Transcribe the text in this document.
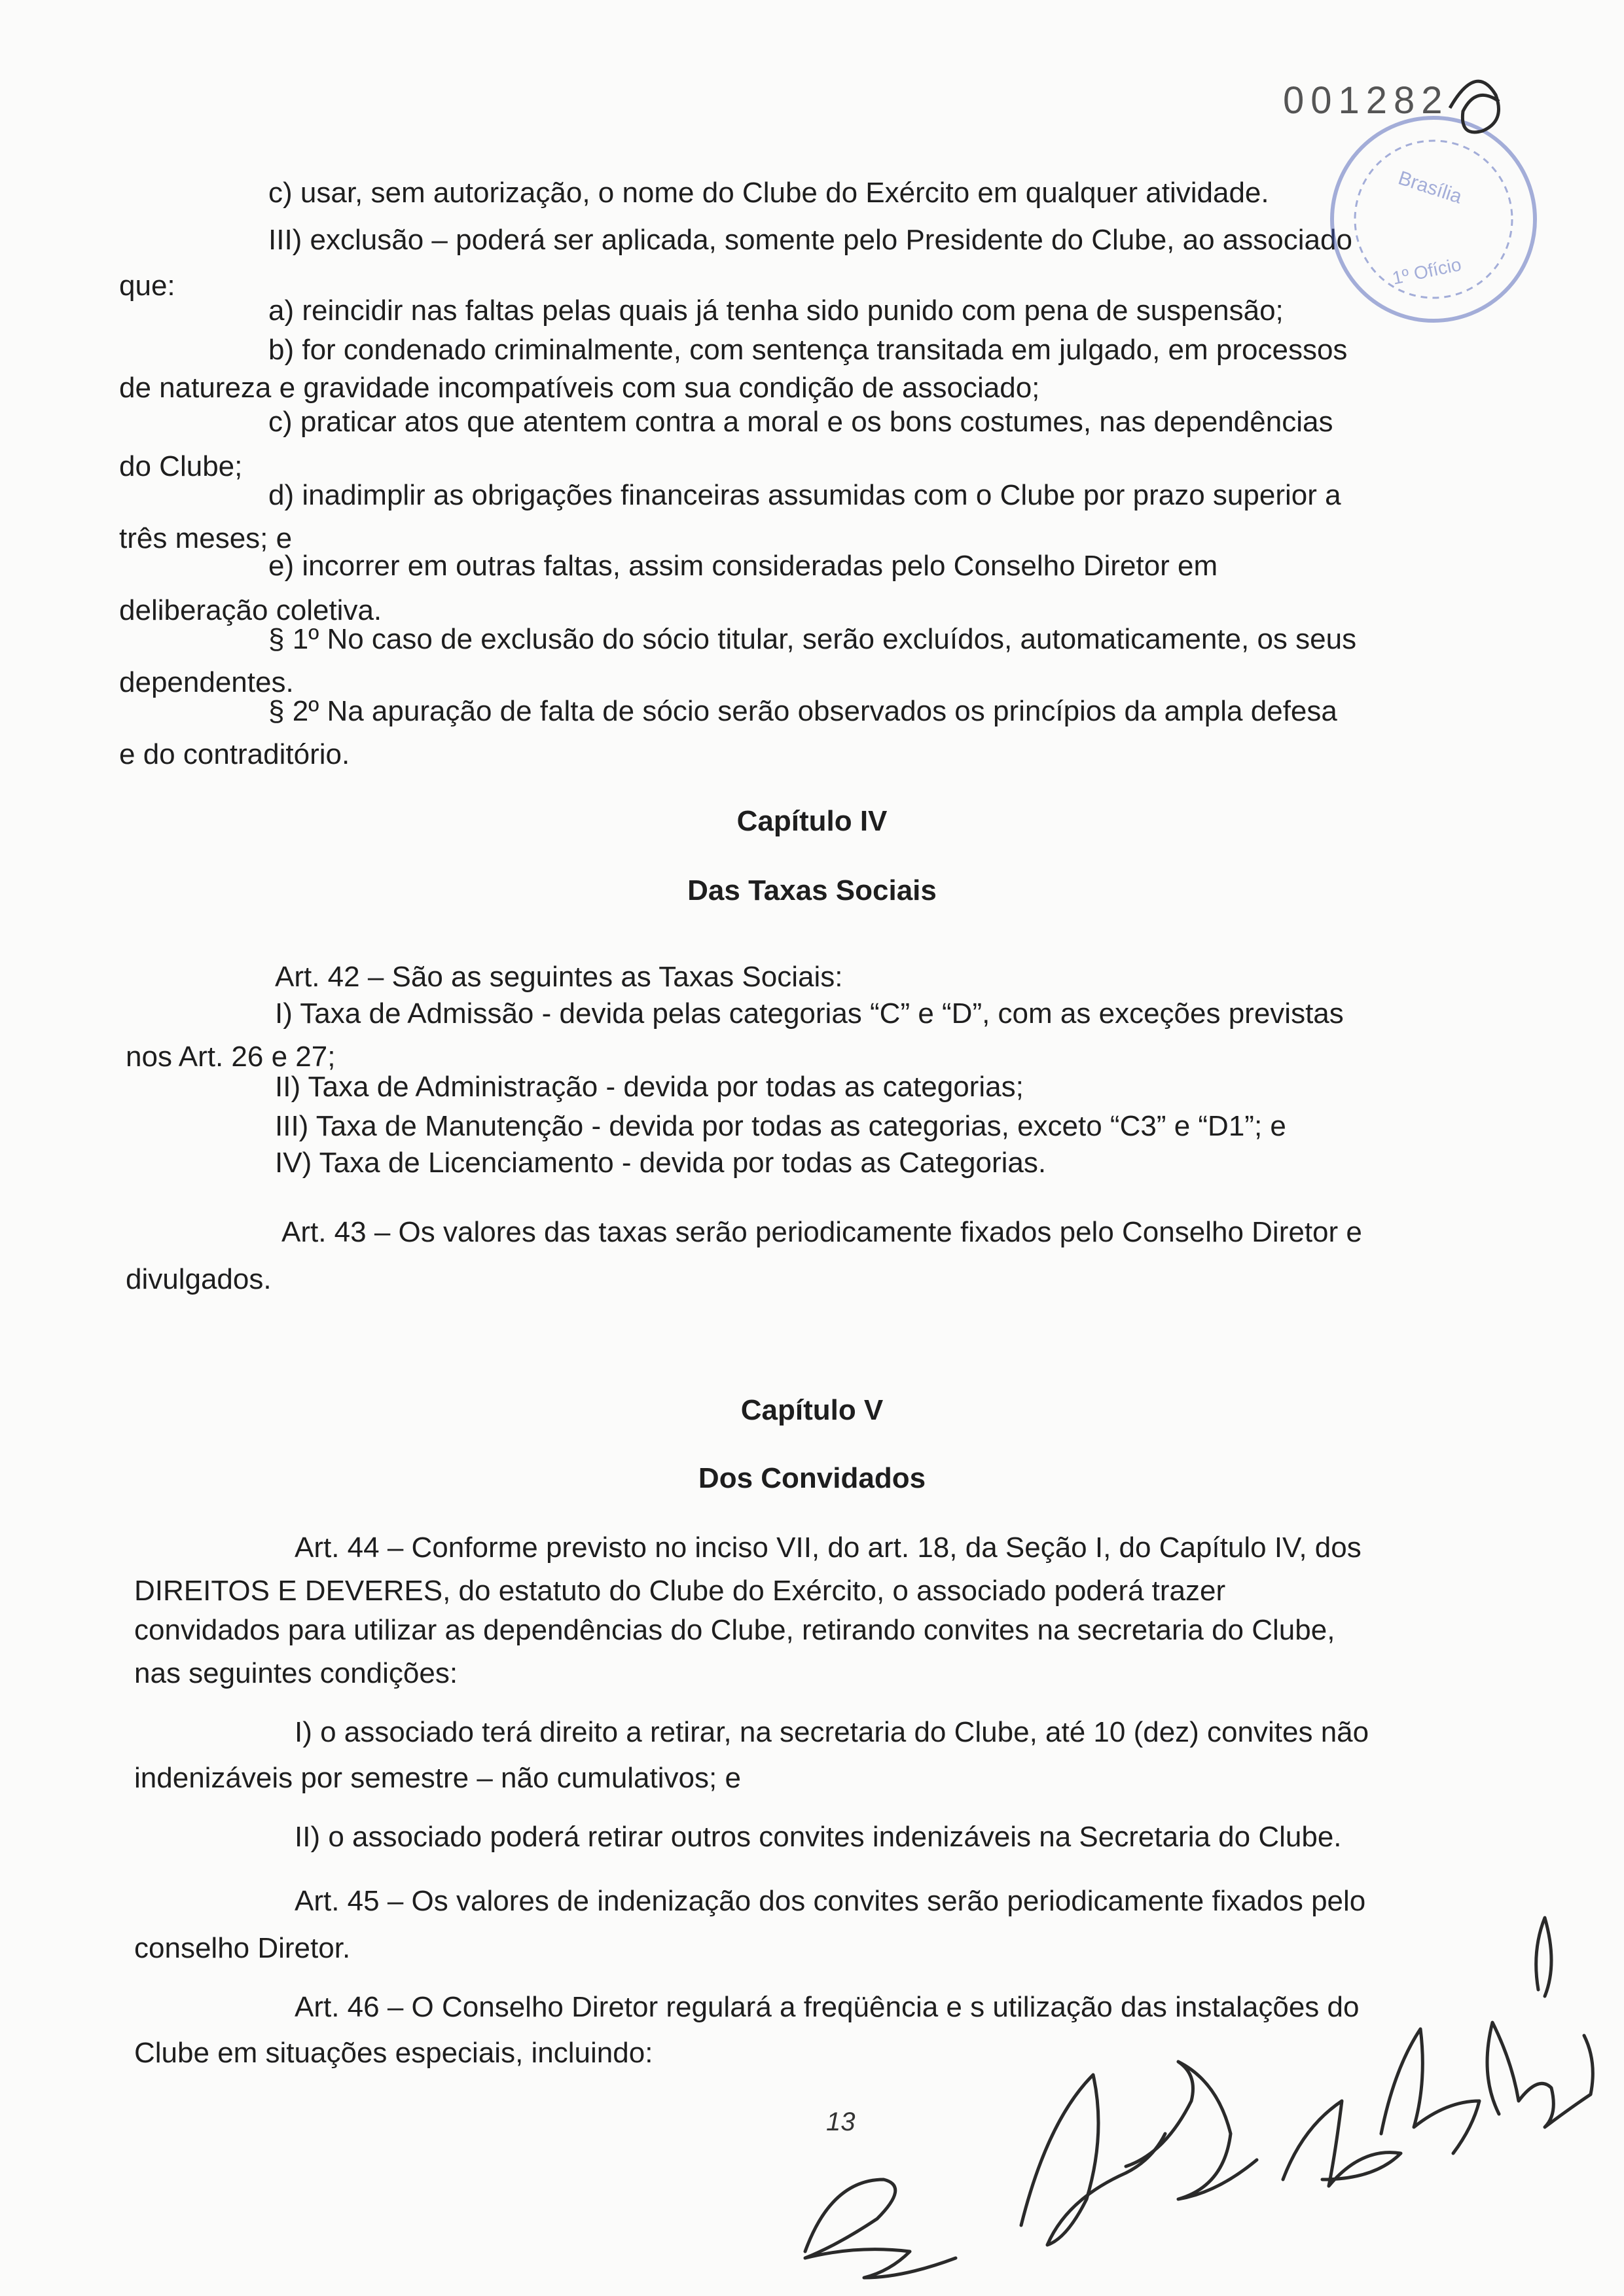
001282
c) usar, sem autorização, o nome do Clube do Exército em qualquer atividade.
III) exclusão – poderá ser aplicada, somente pelo Presidente do Clube, ao associado
que:
a) reincidir nas faltas pelas quais já tenha sido punido com pena de suspensão;
b) for condenado criminalmente, com sentença transitada em julgado, em processos
de natureza e gravidade incompatíveis com sua condição de associado;
c) praticar atos que atentem contra a moral e os bons costumes, nas dependências
do Clube;
d) inadimplir as obrigações financeiras assumidas com o Clube por prazo superior a
três meses; e
e) incorrer em outras faltas, assim consideradas pelo Conselho Diretor em
deliberação coletiva.
§ 1º No caso de exclusão do sócio titular, serão excluídos, automaticamente, os seus
dependentes.
§ 2º Na apuração de falta de sócio serão observados os princípios da ampla defesa
e do contraditório.
Capítulo IV
Das Taxas Sociais
Art. 42 – São as seguintes as Taxas Sociais:
I) Taxa de Admissão - devida pelas categorias “C” e “D”, com as exceções previstas
nos Art. 26 e 27;
II) Taxa de Administração - devida por todas as categorias;
III) Taxa de Manutenção - devida por todas as categorias, exceto “C3” e “D1”; e
IV) Taxa de Licenciamento - devida por todas as Categorias.
Art. 43 – Os valores das taxas serão periodicamente fixados pelo Conselho Diretor e
divulgados.
Capítulo V
Dos Convidados
Art. 44 – Conforme previsto no inciso VII, do art. 18, da Seção I, do Capítulo IV, dos
DIREITOS E DEVERES, do estatuto do Clube do Exército, o associado poderá trazer
convidados para utilizar as dependências do Clube, retirando convites na secretaria do Clube,
nas seguintes condições:
I) o associado terá direito a retirar, na secretaria do Clube, até 10 (dez) convites não
indenizáveis por semestre – não cumulativos; e
II) o associado poderá retirar outros convites indenizáveis na Secretaria do Clube.
Art. 45 – Os valores de indenização dos convites serão periodicamente fixados pelo
conselho Diretor.
Art. 46 – O Conselho Diretor regulará a freqüência e s utilização das instalações do
Clube em situações especiais, incluindo:
13
Brasília
1º Ofício
